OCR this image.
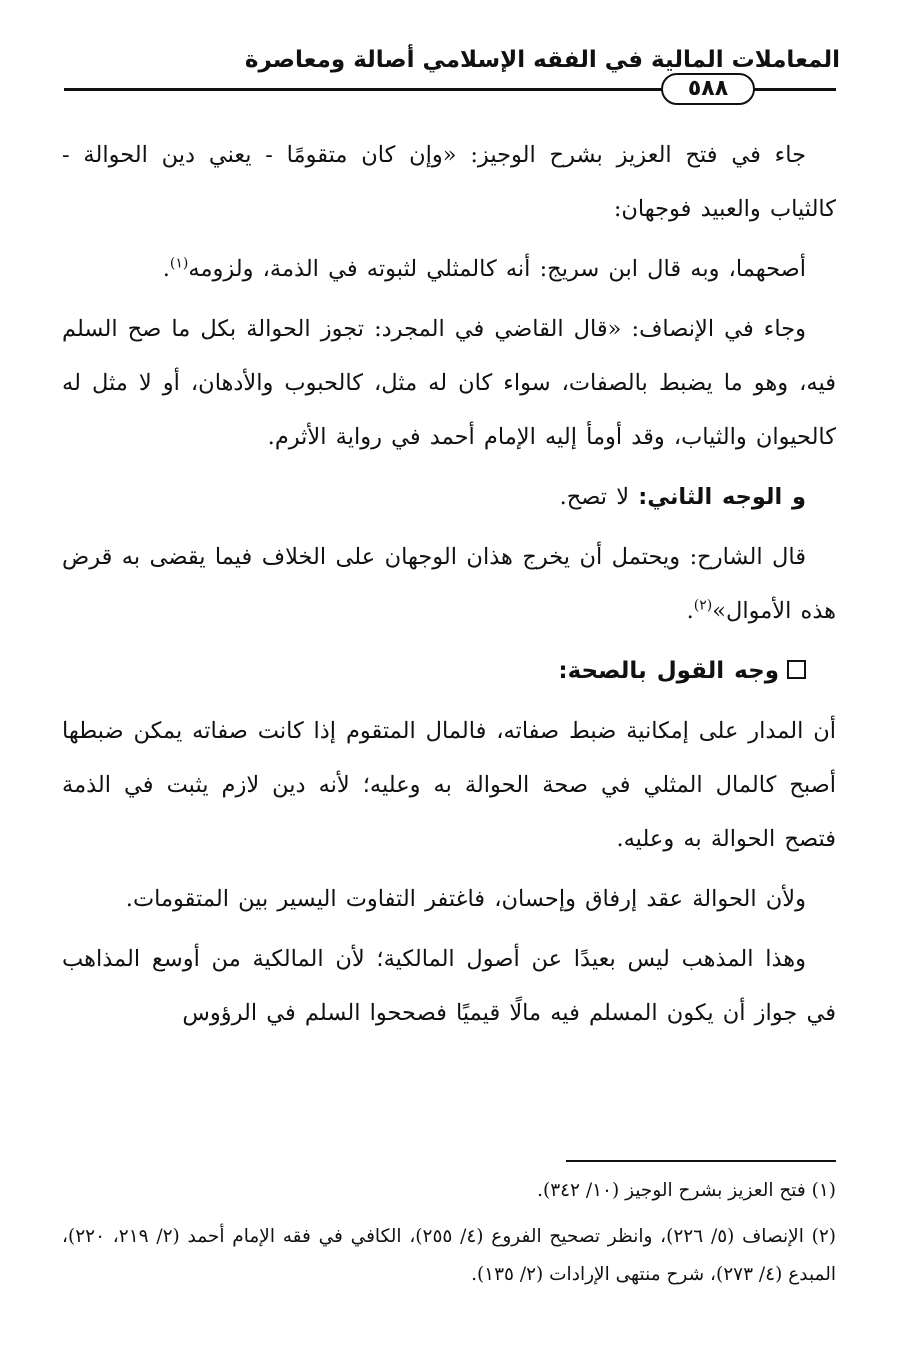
المعاملات المالية في الفقه الإسلامي أصالة ومعاصرة
٥٨٨

جاء في فتح العزيز بشرح الوجيز: «وإن كان متقومًا - يعني دين الحوالة - كالثياب والعبيد فوجهان:

أصحهما، وبه قال ابن سريج: أنه كالمثلي لثبوته في الذمة، ولزومه$^{(١)}$.

وجاء في الإنصاف: «قال القاضي في المجرد: تجوز الحوالة بكل ما صح السلم فيه، وهو ما يضبط بالصفات، سواء كان له مثل، كالحبوب والأدهان، أو لا مثل له كالحيوان والثياب، وقد أومأ إليه الإمام أحمد في رواية الأثرم.

و الوجه الثاني: لا تصح.

قال الشارح: ويحتمل أن يخرج هذان الوجهان على الخلاف فيما يقضى به قرض هذه الأموال»$^{(٢)}$.

وجه القول بالصحة:

أن المدار على إمكانية ضبط صفاته، فالمال المتقوم إذا كانت صفاته يمكن ضبطها أصبح كالمال المثلي في صحة الحوالة به وعليه؛ لأنه دين لازم يثبت في الذمة فتصح الحوالة به وعليه.

ولأن الحوالة عقد إرفاق وإحسان، فاغتفر التفاوت اليسير بين المتقومات.

وهذا المذهب ليس بعيدًا عن أصول المالكية؛ لأن المالكية من أوسع المذاهب في جواز أن يكون المسلم فيه مالًا قيميًا فصححوا السلم في الرؤوس

(١) فتح العزيز بشرح الوجيز (١٠/ ٣٤٢).

(٢) الإنصاف (٥/ ٢٢٦)، وانظر تصحيح الفروع (٤/ ٢٥٥)، الكافي في فقه الإمام أحمد (٢/ ٢١٩، ٢٢٠)، المبدع (٤/ ٢٧٣)، شرح منتهى الإرادات (٢/ ١٣٥).
